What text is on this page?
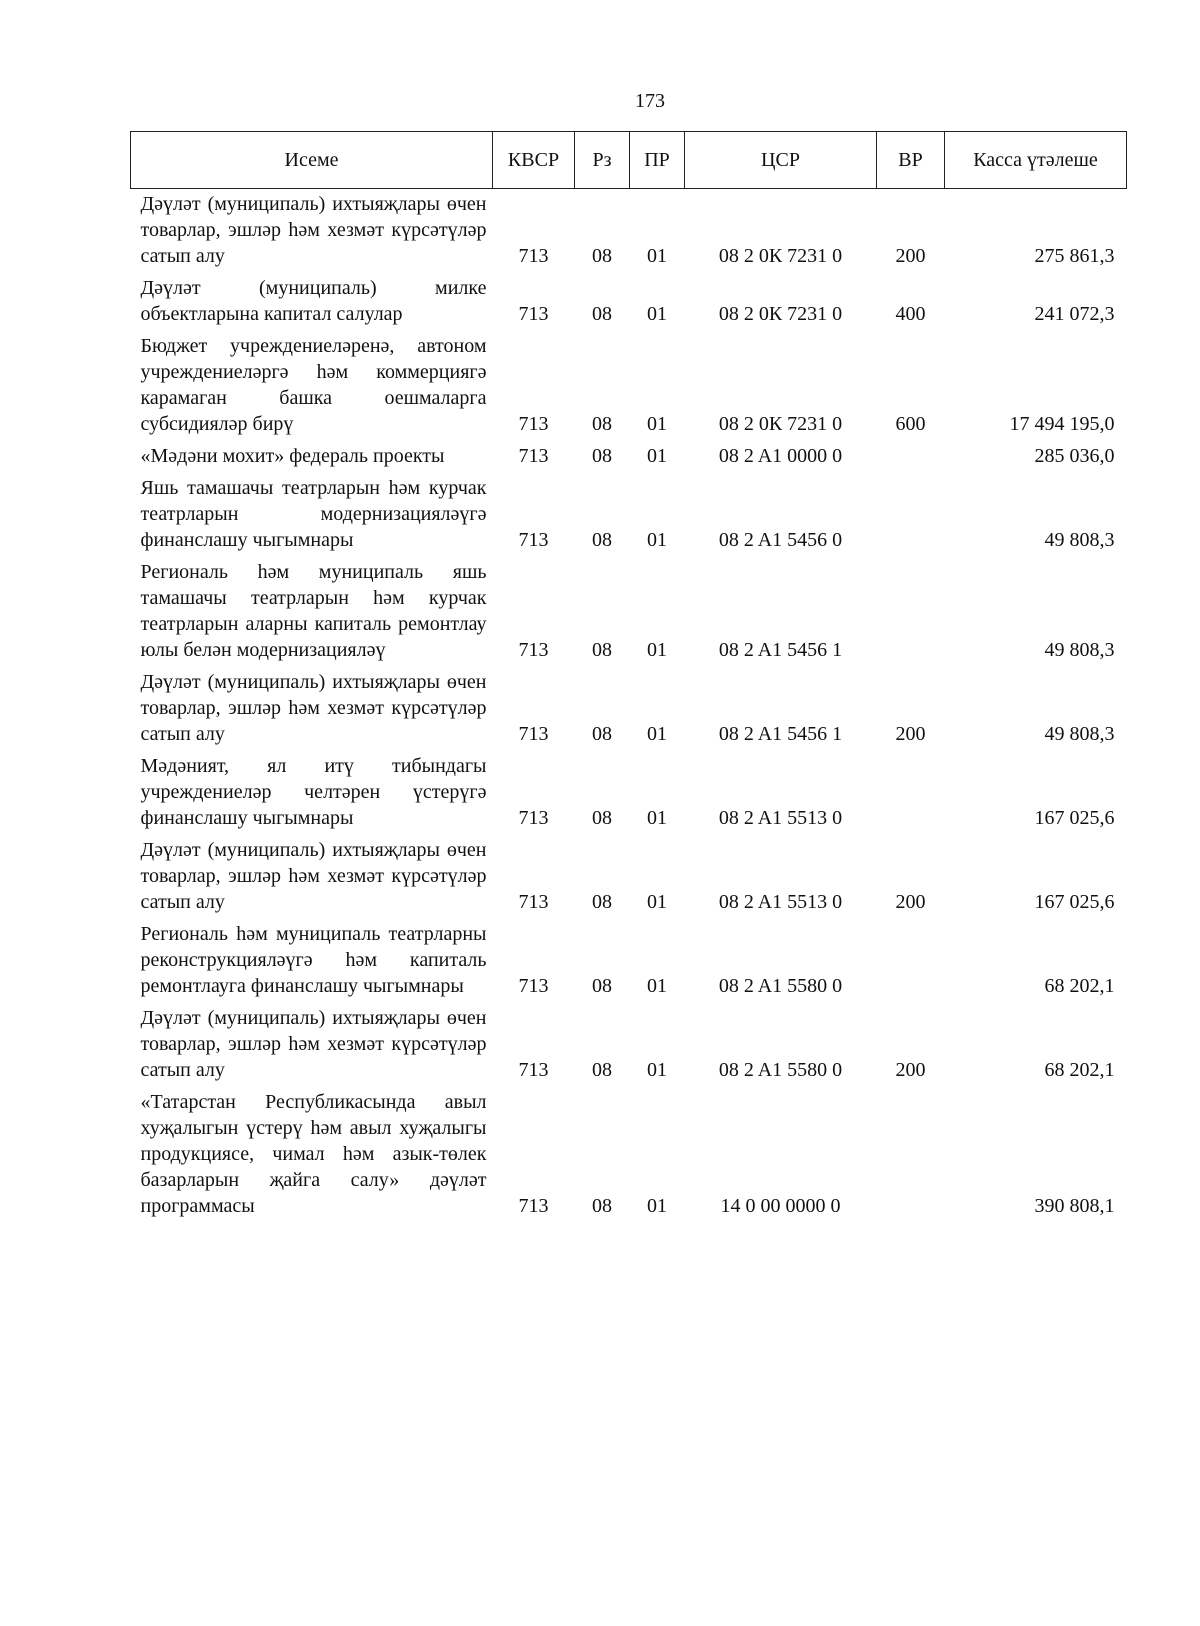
173
Исеме	КВСР	Рз	ПР	ЦСР	ВР	Касса үтәлеше
Дәүләт (муниципаль) ихтыяҗлары өчен товарлар, эшләр һәм хезмәт күрсәтүләр сатып алу	713	08	01	08 2 0К 7231 0	200	275 861,3
Дәүләт (муниципаль) милке объектларына капитал салулар	713	08	01	08 2 0К 7231 0	400	241 072,3
Бюджет учреждениеләренә, автоном учреждениеләргә һәм коммерциягә карамаган башка оешмаларга субсидияләр бирү	713	08	01	08 2 0К 7231 0	600	17 494 195,0
«Мәдәни мохит» федераль проекты	713	08	01	08 2 A1 0000 0		285 036,0
Яшь тамашачы театрларын һәм курчак театрларын модернизацияләүгә финанслашу чыгымнары	713	08	01	08 2 A1 5456 0		49 808,3
Региональ һәм муниципаль яшь тамашачы театрларын һәм курчак театрларын аларны капиталь ремонтлау юлы белән модернизацияләү	713	08	01	08 2 A1 5456 1		49 808,3
Дәүләт (муниципаль) ихтыяҗлары өчен товарлар, эшләр һәм хезмәт күрсәтүләр сатып алу	713	08	01	08 2 A1 5456 1	200	49 808,3
Мәдәният, ял итү тибындагы учреждениеләр челтәрен үстерүгә финанслашу чыгымнары	713	08	01	08 2 A1 5513 0		167 025,6
Дәүләт (муниципаль) ихтыяҗлары өчен товарлар, эшләр һәм хезмәт күрсәтүләр сатып алу	713	08	01	08 2 A1 5513 0	200	167 025,6
Региональ һәм муниципаль театрларны реконструкцияләүгә һәм капиталь ремонтлауга финанслашу чыгымнары	713	08	01	08 2 A1 5580 0		68 202,1
Дәүләт (муниципаль) ихтыяҗлары өчен товарлар, эшләр һәм хезмәт күрсәтүләр сатып алу	713	08	01	08 2 A1 5580 0	200	68 202,1
«Татарстан Республикасында авыл хуҗалыгын үстерү һәм авыл хуҗалыгы продукциясе, чимал һәм азык-төлек базарларын җайга салу» дәүләт программасы	713	08	01	14 0 00 0000 0		390 808,1
